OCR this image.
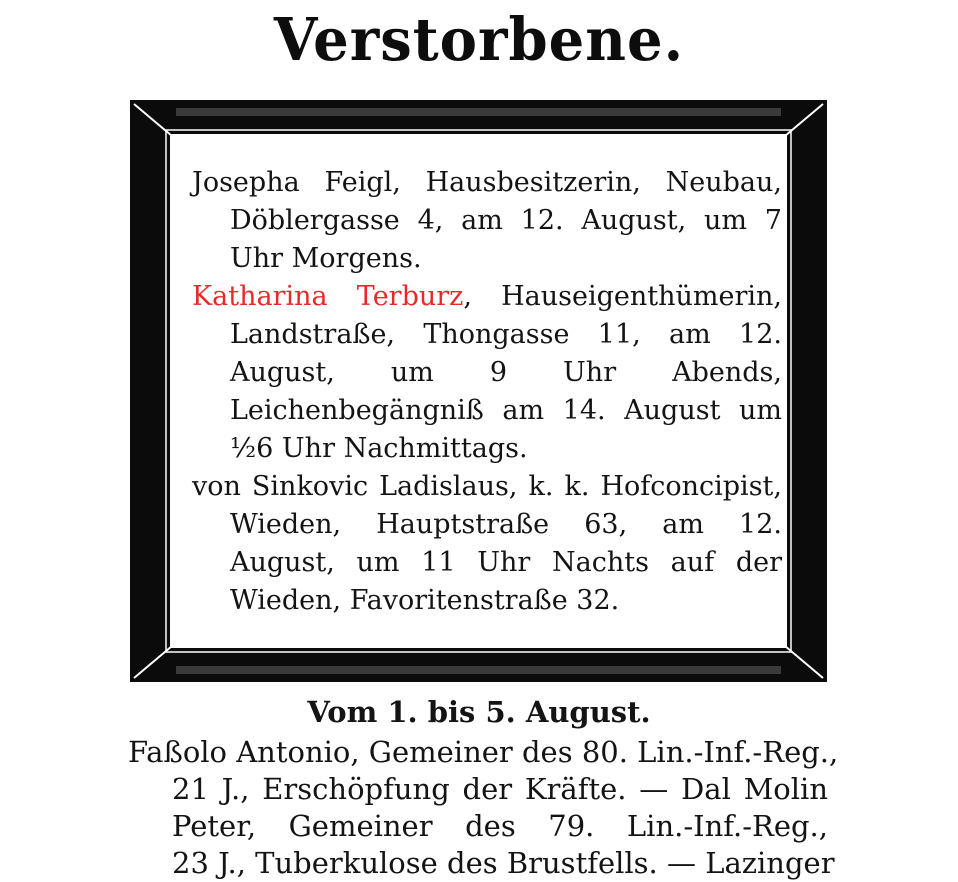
Verstorbene.

Josepha Feigl, Hausbesitzerin, Neubau, Döblergasse 4, am 12. August, um 7 Uhr Morgens.

Katharina Terburz, Hauseigenthümerin, Landstraße, Thongasse 11, am 12. August, um 9 Uhr Abends, Leichenbegängniß am 14. August um ½6 Uhr Nachmittags.

von Sinkovic Ladislaus, k. k. Hofconcipist, Wieden, Hauptstraße 63, am 12. August, um 11 Uhr Nachts auf der Wieden, Favoritenstraße 32.

Vom 1. bis 5. August.
Faßolo Antonio, Gemeiner des 80. Lin.-Inf.-Reg.,
21 J., Erschöpfung der Kräfte. — Dal Molin
Peter, Gemeiner des 79. Lin.-Inf.-Reg.,
23 J., Tuberkulose des Brustfells. — Lazinger
